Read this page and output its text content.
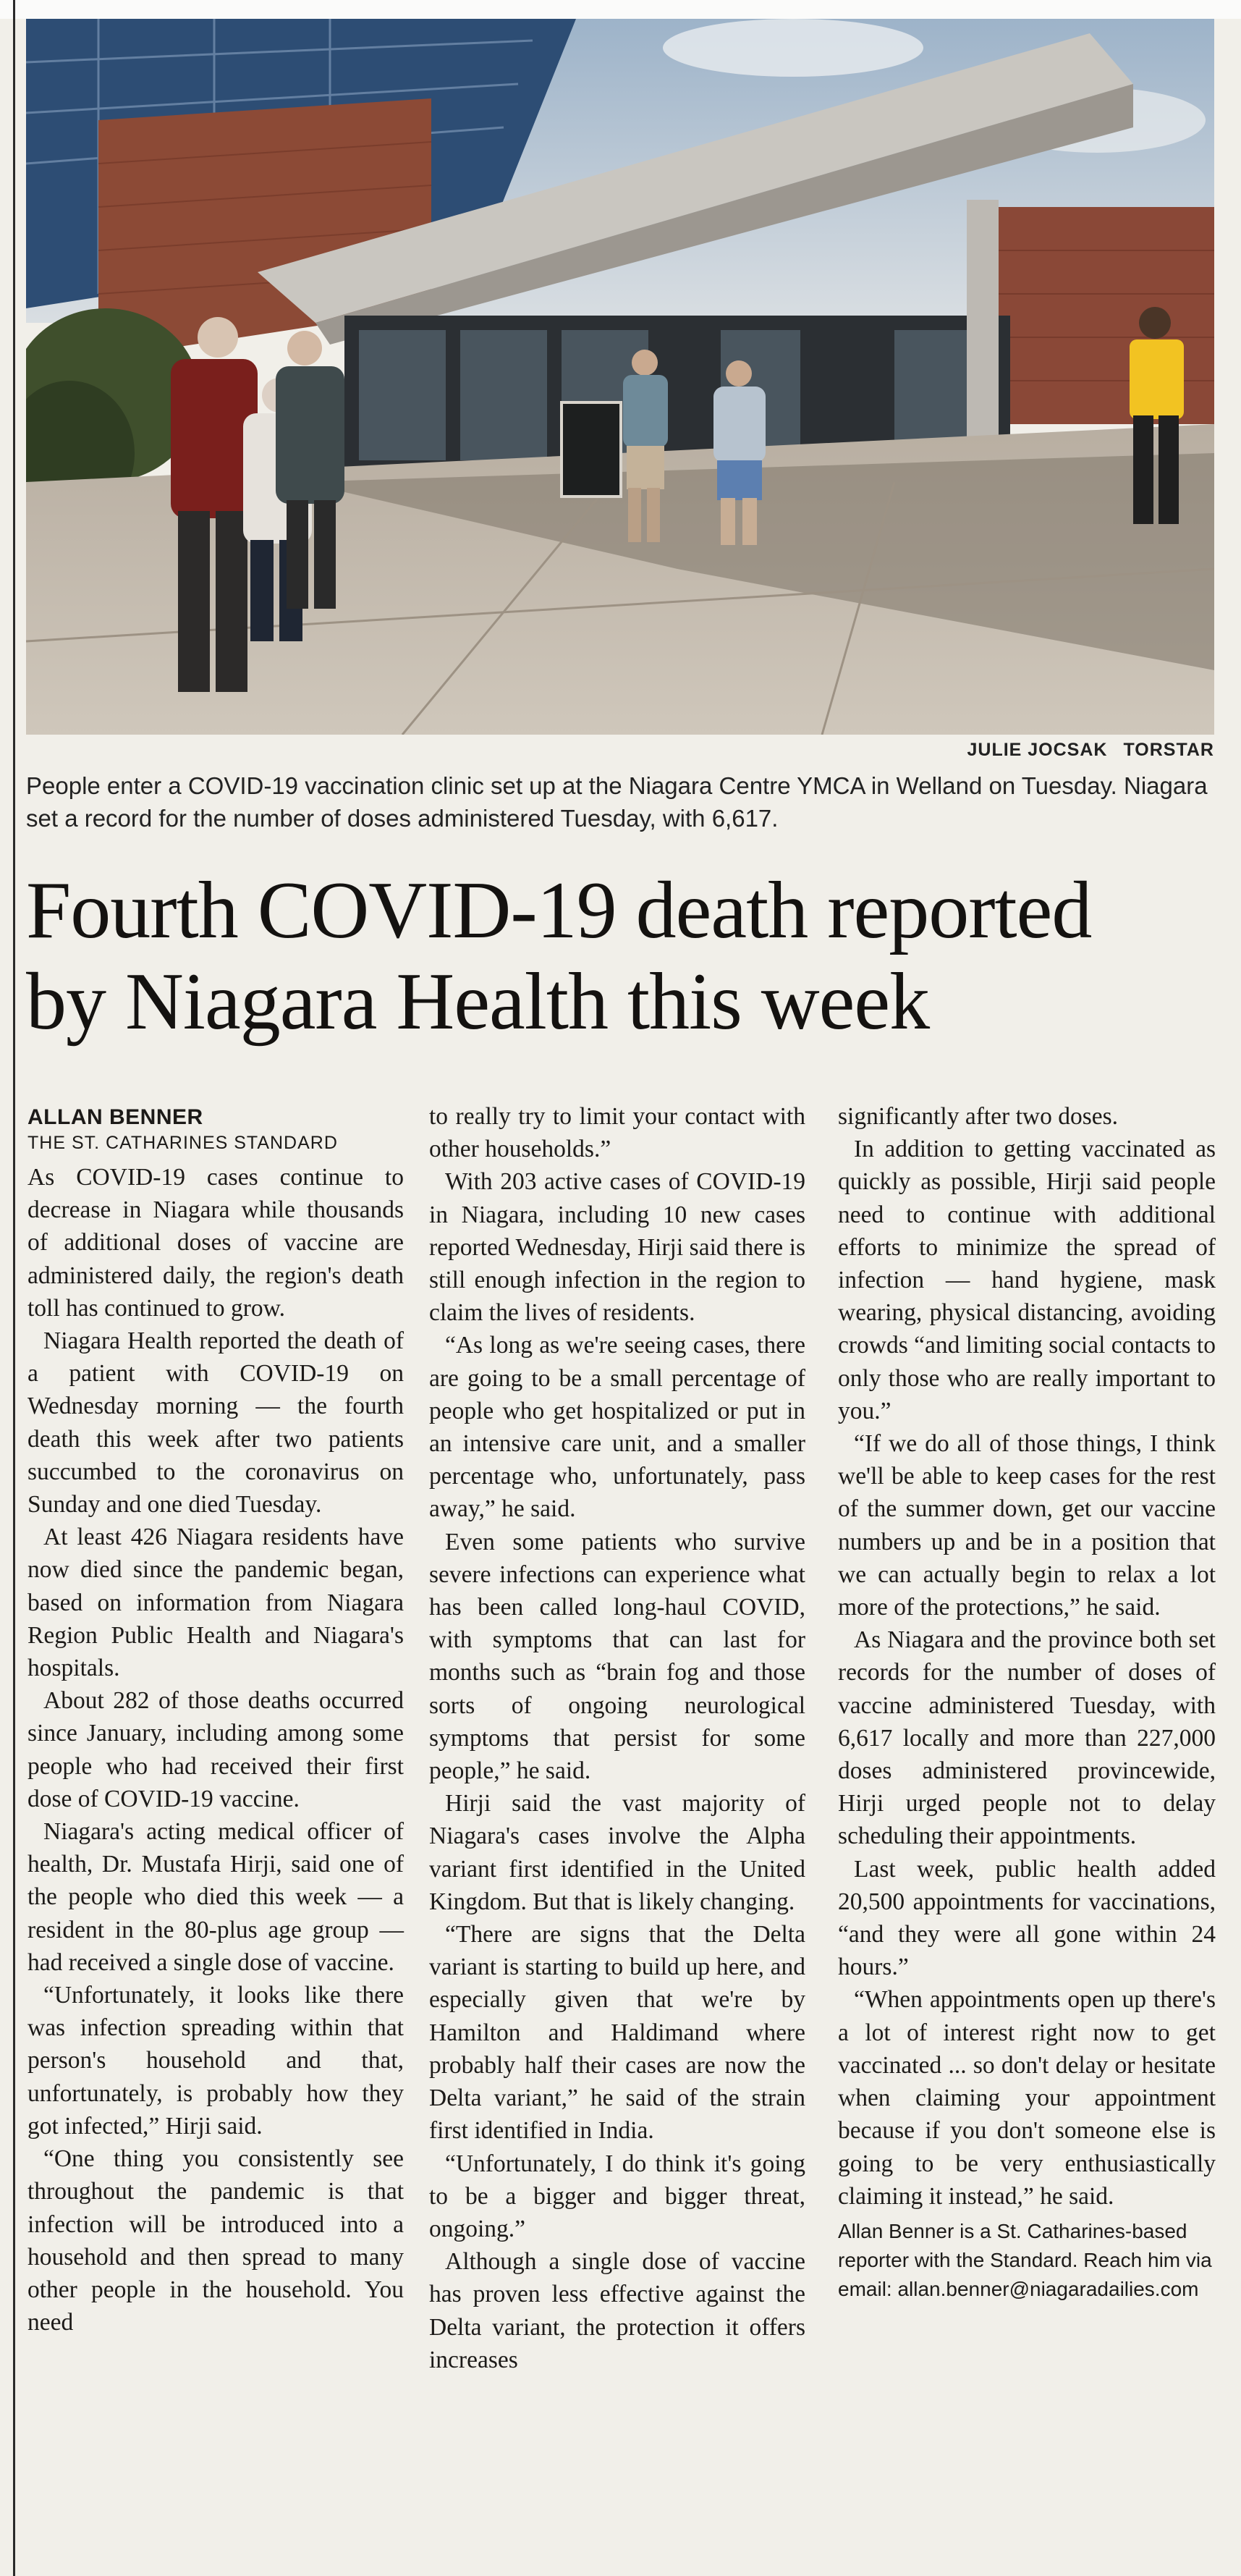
JULIE JOCSAK TORSTAR
People enter a COVID-19 vaccination clinic set up at the Niagara Centre YMCA in Welland on Tuesday. Niagara set a record for the number of doses administered Tuesday, with 6,617.
Fourth COVID-19 death reported
by Niagara Health this week
ALLAN BENNER
THE ST. CATHARINES STANDARD

As COVID-19 cases continue to decrease in Niagara while thousands of additional doses of vaccine are administered daily, the region's death toll has continued to grow.

Niagara Health reported the death of a patient with COVID-19 on Wednesday morning — the fourth death this week after two patients succumbed to the coronavirus on Sunday and one died Tuesday.

At least 426 Niagara residents have now died since the pandemic began, based on information from Niagara Region Public Health and Niagara's hospitals.

About 282 of those deaths occurred since January, including among some people who had received their first dose of COVID-19 vaccine.

Niagara's acting medical officer of health, Dr. Mustafa Hirji, said one of the people who died this week — a resident in the 80-plus age group — had received a single dose of vaccine.

“Unfortunately, it looks like there was infection spreading within that person's household and that, unfortunately, is probably how they got infected,” Hirji said.

“One thing you consistently see throughout the pandemic is that infection will be introduced into a household and then spread to many other people in the household. You need

to really try to limit your contact with other households.”

With 203 active cases of COVID-19 in Niagara, including 10 new cases reported Wednesday, Hirji said there is still enough infection in the region to claim the lives of residents.

“As long as we're seeing cases, there are going to be a small percentage of people who get hospitalized or put in an intensive care unit, and a smaller percentage who, unfortunately, pass away,” he said.

Even some patients who survive severe infections can experience what has been called long-haul COVID, with symptoms that can last for months such as “brain fog and those sorts of ongoing neurological symptoms that persist for some people,” he said.

Hirji said the vast majority of Niagara's cases involve the Alpha variant first identified in the United Kingdom. But that is likely changing.

“There are signs that the Delta variant is starting to build up here, and especially given that we're by Hamilton and Haldimand where probably half their cases are now the Delta variant,” he said of the strain first identified in India.

“Unfortunately, I do think it's going to be a bigger and bigger threat, ongoing.”

Although a single dose of vaccine has proven less effective against the Delta variant, the protection it offers increases

significantly after two doses.

In addition to getting vaccinated as quickly as possible, Hirji said people need to continue with additional efforts to minimize the spread of infection — hand hygiene, mask wearing, physical distancing, avoiding crowds “and limiting social contacts to only those who are really important to you.”

“If we do all of those things, I think we'll be able to keep cases for the rest of the summer down, get our vaccine numbers up and be in a position that we can actually begin to relax a lot more of the protections,” he said.

As Niagara and the province both set records for the number of doses of vaccine administered Tuesday, with 6,617 locally and more than 227,000 doses administered provincewide, Hirji urged people not to delay scheduling their appointments.

Last week, public health added 20,500 appointments for vaccinations, “and they were all gone within 24 hours.”

“When appointments open up there's a lot of interest right now to get vaccinated ... so don't delay or hesitate when claiming your appointment because if you don't someone else is going to be very enthusiastically claiming it instead,” he said.

Allan Benner is a St. Catharines-based reporter with the Standard. Reach him via email: allan.benner@niagaradailies.com
